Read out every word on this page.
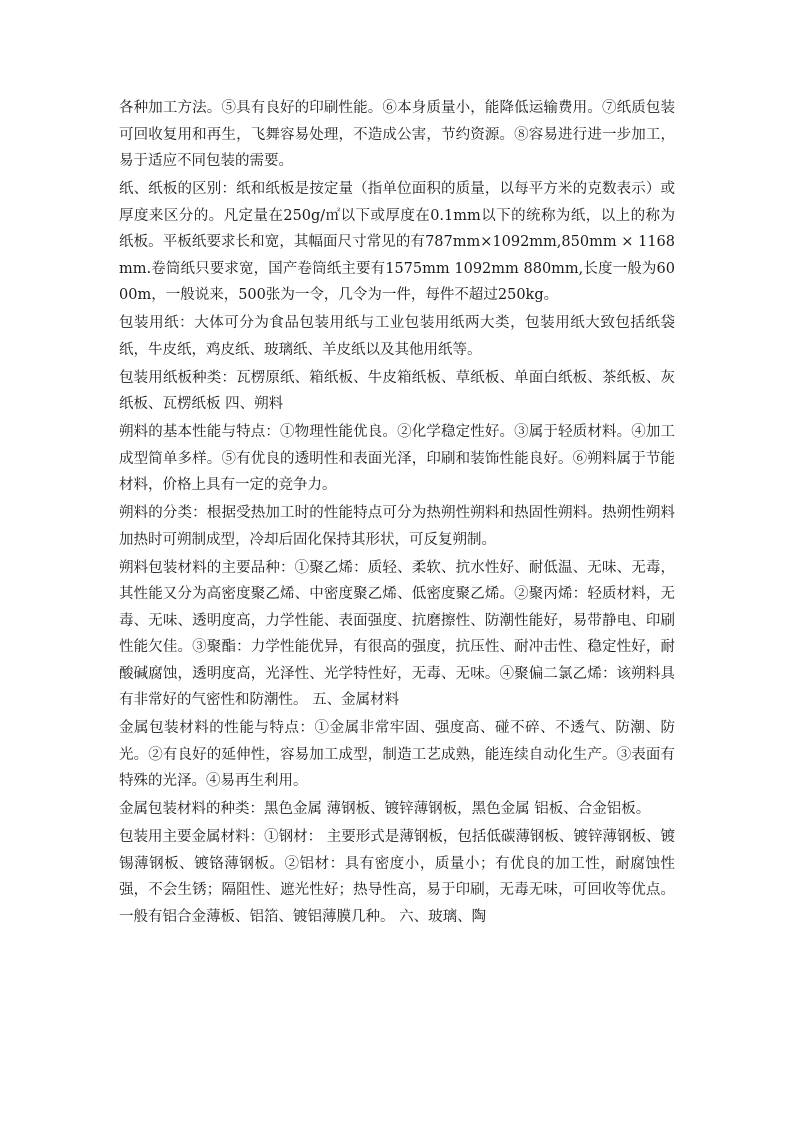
各种加工方法。⑤具有良好的印刷性能。⑥本身质量小，能降低运输费用。⑦纸质包装可回收复用和再生，飞舞容易处理，不造成公害，节约资源。⑧容易进行进一步加工，易于适应不同包装的需要。

纸、纸板的区别：纸和纸板是按定量（指单位面积的质量，以每平方米的克数表示）或厚度来区分的。凡定量在250g/㎡以下或厚度在0.1mm以下的统称为纸，以上的称为纸板。平板纸要求长和宽，其幅面尺寸常见的有787mm×1092mm,850mm × 1168mm.卷筒纸只要求宽，国产卷筒纸主要有1575mm 1092mm 880mm,长度一般为6000m，一般说来，500张为一令，几令为一件，每件不超过250kg。

包装用纸：大体可分为食品包装用纸与工业包装用纸两大类，包装用纸大致包括纸袋纸，牛皮纸，鸡皮纸、玻璃纸、羊皮纸以及其他用纸等。

包装用纸板种类：瓦楞原纸、箱纸板、牛皮箱纸板、草纸板、单面白纸板、茶纸板、灰纸板、瓦楞纸板 四、朔料

朔料的基本性能与特点：①物理性能优良。②化学稳定性好。③属于轻质材料。④加工成型简单多样。⑤有优良的透明性和表面光泽，印刷和装饰性能良好。⑥朔料属于节能材料，价格上具有一定的竞争力。

朔料的分类：根据受热加工时的性能特点可分为热朔性朔料和热固性朔料。热朔性朔料加热时可朔制成型，冷却后固化保持其形状，可反复朔制。

朔料包装材料的主要品种：①聚乙烯：质轻、柔软、抗水性好、耐低温、无味、无毒，其性能又分为高密度聚乙烯、中密度聚乙烯、低密度聚乙烯。②聚丙烯：轻质材料，无毒、无味、透明度高，力学性能、表面强度、抗磨擦性、防潮性能好，易带静电、印刷性能欠佳。③聚酯：力学性能优异，有很高的强度，抗压性、耐冲击性、稳定性好，耐酸碱腐蚀，透明度高，光泽性、光学特性好，无毒、无味。④聚偏二氯乙烯：该朔料具有非常好的气密性和防潮性。 五、金属材料

金属包装材料的性能与特点：①金属非常牢固、强度高、碰不碎、不透气、防潮、防光。②有良好的延伸性，容易加工成型，制造工艺成熟，能连续自动化生产。③表面有特殊的光泽。④易再生利用。

金属包装材料的种类：黑色金属 薄钢板、镀锌薄钢板，黑色金属 铝板、合金铝板。

包装用主要金属材料：①钢材： 主要形式是薄钢板，包括低碳薄钢板、镀锌薄钢板、镀锡薄钢板、镀铬薄钢板。②铝材：具有密度小，质量小；有优良的加工性，耐腐蚀性强，不会生锈；隔阻性、遮光性好；热导性高，易于印刷，无毒无味，可回收等优点。一般有铝合金薄板、铝箔、镀铝薄膜几种。 六、玻璃、陶
